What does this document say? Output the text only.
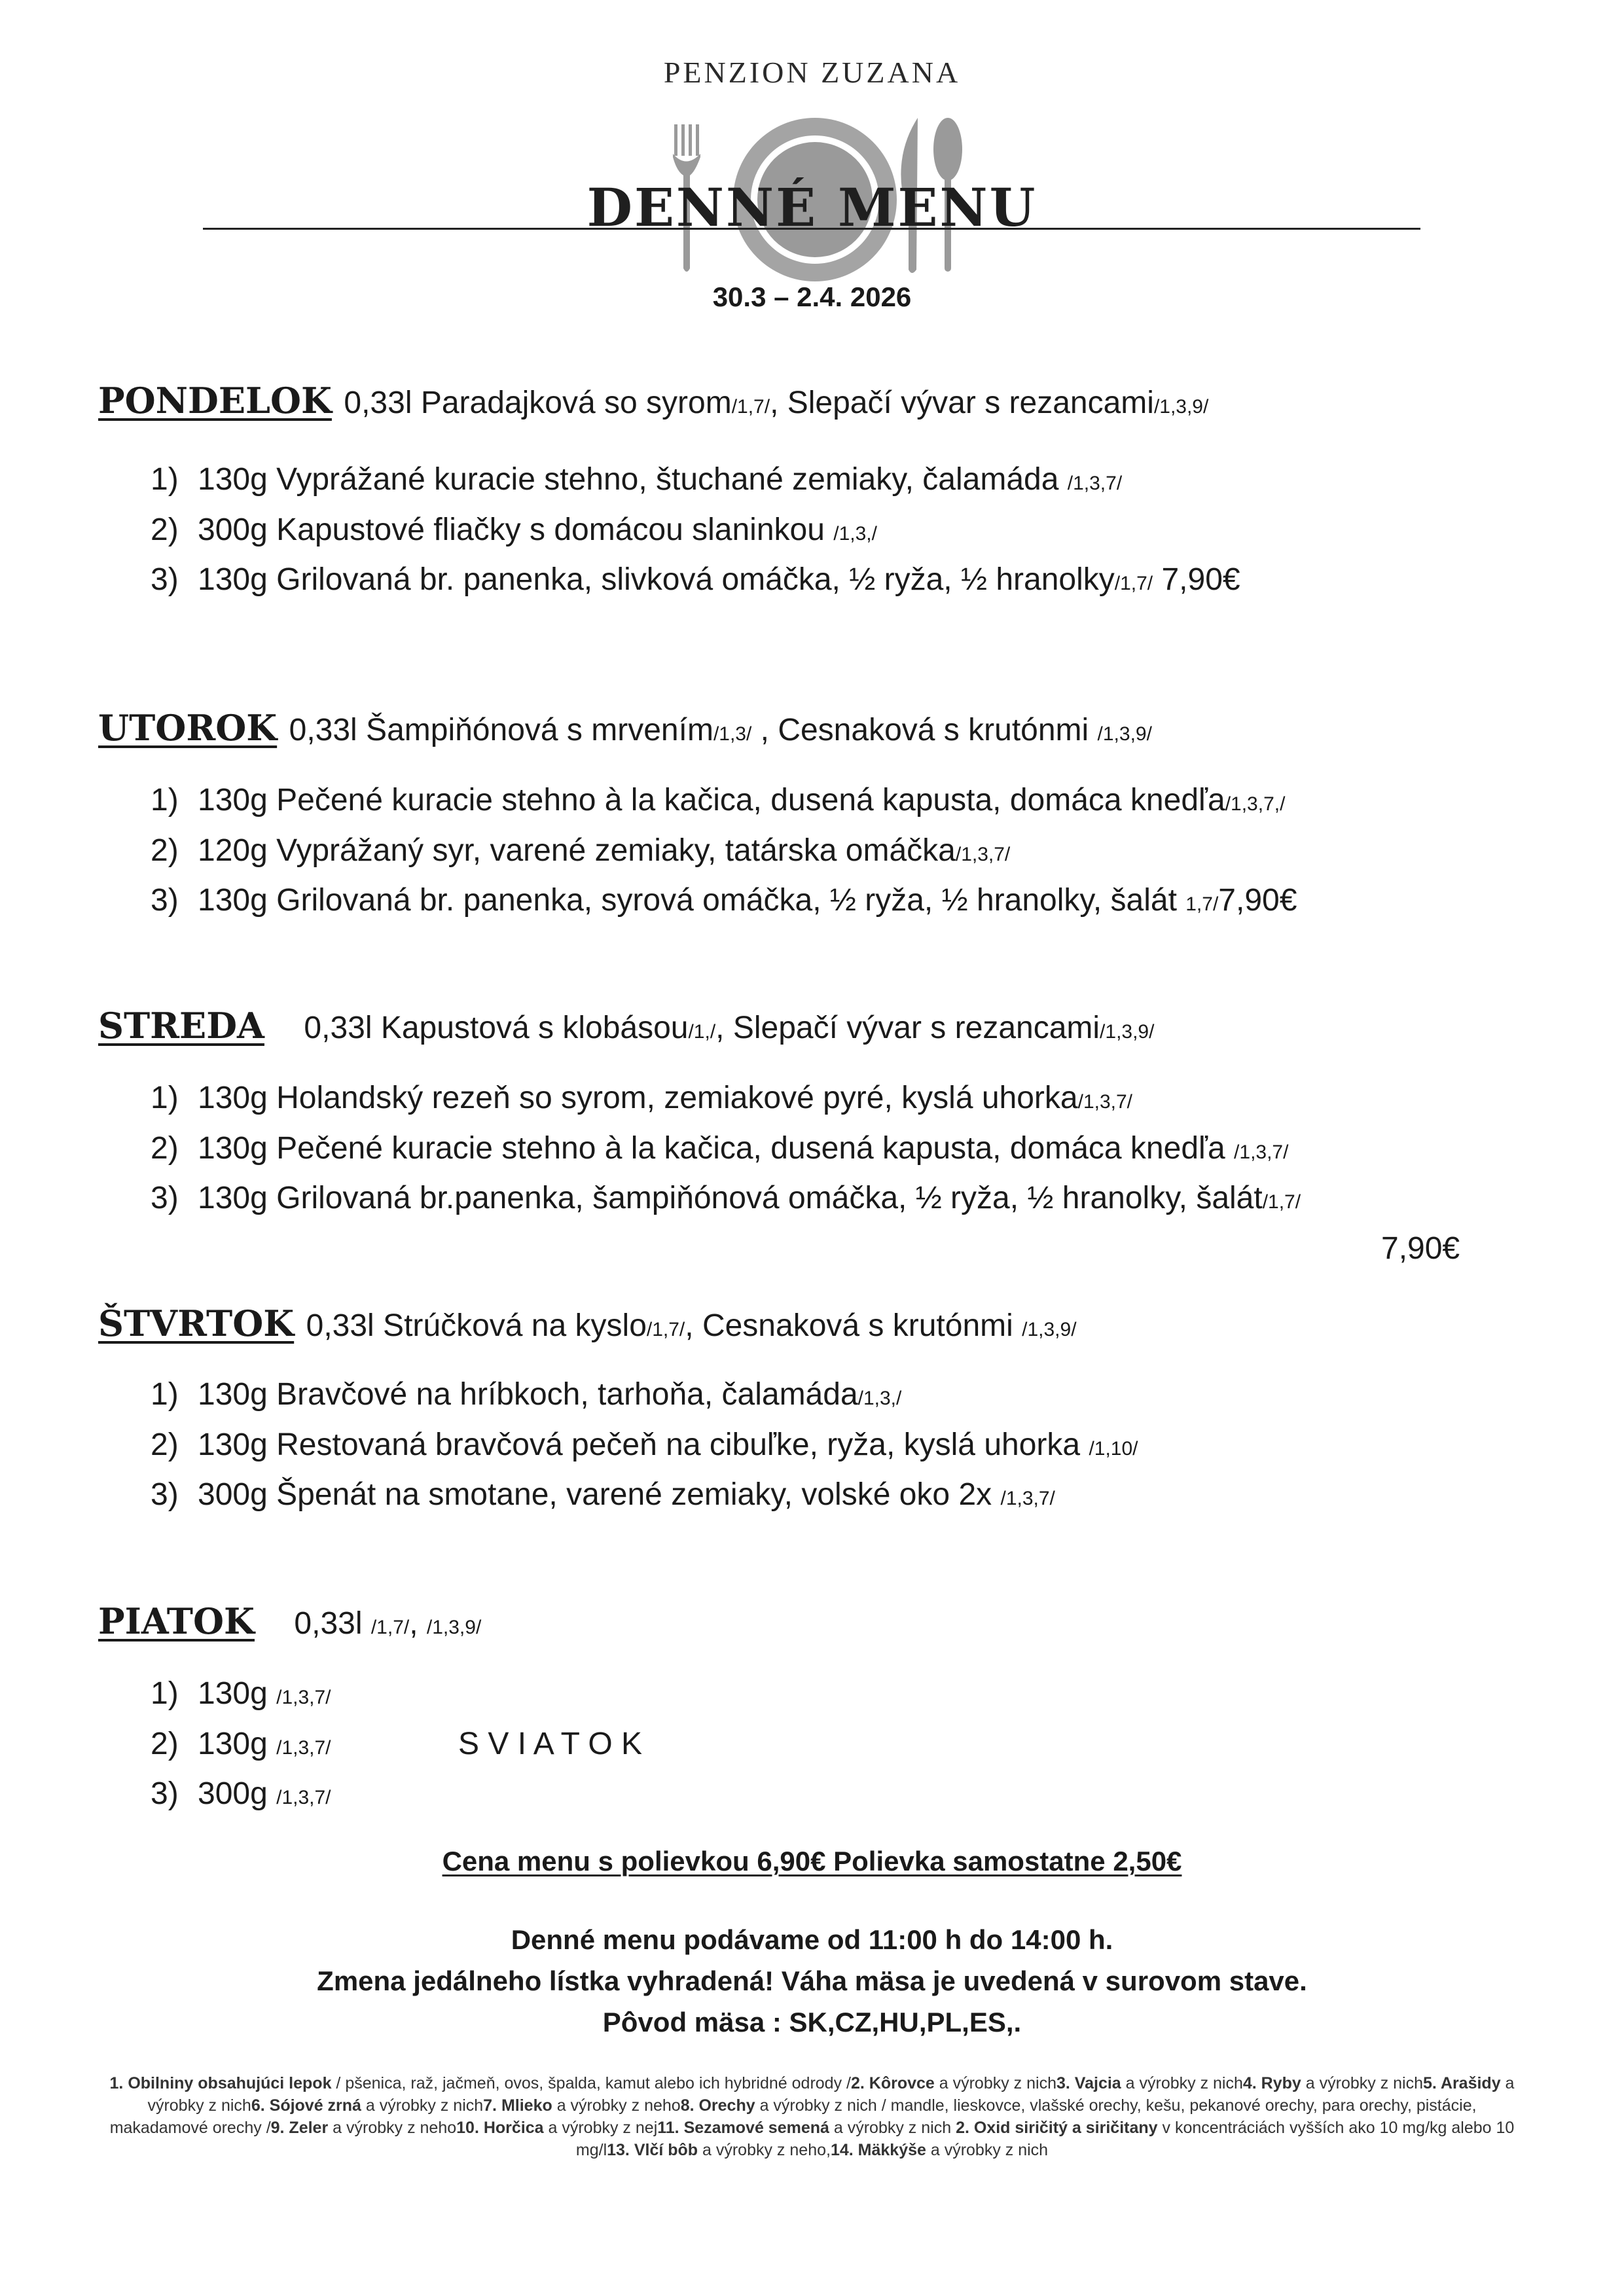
PENZION ZUZANA
DENNÉ MENU
30.3 – 2.4. 2026
PONDELOK 0,33l Paradajková so syrom/1,7/, Slepačí vývar s rezancami/1,3,9/
1) 130g Vyprážané kuracie stehno, štuchané zemiaky, čalamáda /1,3,7/
2) 300g Kapustové fliačky s domácou slaninkou /1,3,/
3) 130g Grilovaná br. panenka, slivková omáčka, ½ ryža, ½ hranolky/1,7/ 7,90€
UTOROK 0,33l Šampiňónová s mrvením/1,3/ , Cesnaková s krutónmi /1,3,9/
1) 130g Pečené kuracie stehno à la kačica, dusená kapusta, domáca knedľa/1,3,7,/
2) 120g Vyprážaný syr, varené zemiaky, tatárska omáčka/1,3,7/
3) 130g Grilovaná br. panenka, syrová omáčka, ½ ryža, ½ hranolky, šalát 1,7/7,90€
STREDA 0,33l Kapustová s klobásou/1,/, Slepačí vývar s rezancami/1,3,9/
1) 130g Holandský rezeň so syrom, zemiakové pyré, kyslá uhorka/1,3,7/
2) 130g Pečené kuracie stehno à la kačica, dusená kapusta, domáca knedľa /1,3,7/
3) 130g Grilovaná br.panenka, šampiňónová omáčka, ½ ryža, ½ hranolky, šalát/1,7/
7,90€
ŠTVRTOK 0,33l Strúčková na kyslo/1,7/, Cesnaková s krutónmi /1,3,9/
1) 130g Bravčové na hríbkoch, tarhoňa, čalamáda/1,3,/
2) 130g Restovaná bravčová pečeň na cibuľke, ryža, kyslá uhorka /1,10/
3) 300g Špenát na smotane, varené zemiaky, volské oko 2x /1,3,7/
PIATOK 0,33l /1,7/, /1,3,9/
1) 130g /1,3,7/
2) 130g /1,3,7/
3) 300g /1,3,7/
S V I A T O K
Cena menu s polievkou 6,90€ Polievka samostatne 2,50€
Denné menu podávame od 11:00 h do 14:00 h.
Zmena jedálneho lístka vyhradená! Váha mäsa je uvedená v surovom stave.
Pôvod mäsa : SK,CZ,HU,PL,ES,.
1. Obilniny obsahujúci lepok / pšenica, raž, jačmeň, ovos, špalda, kamut alebo ich hybridné odrody /2. Kôrovce a výrobky z nich3. Vajcia a výrobky z nich4. Ryby a výrobky z nich5. Arašidy a výrobky z nich6. Sójové zrná a výrobky z nich7. Mlieko a výrobky z neho8. Orechy a výrobky z nich / mandle, lieskovce, vlašské orechy, kešu, pekanové orechy, para orechy, pistácie, makadamové orechy /9. Zeler a výrobky z neho10. Horčica a výrobky z nej11. Sezamové semená a výrobky z nich 2. Oxid siričitý a siričitany v koncentráciách vyšších ako 10 mg/kg alebo 10 mg/l13. Vlčí bôb a výrobky z neho,14. Mäkkýše a výrobky z nich
